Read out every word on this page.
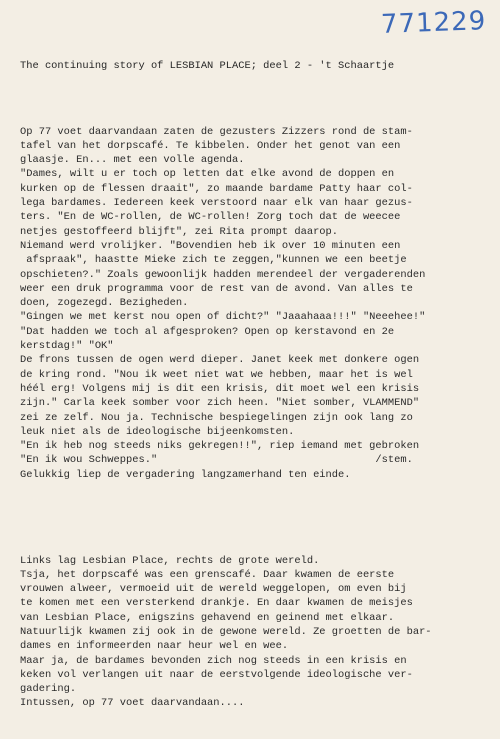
771229
The continuing story of LESBIAN PLACE; deel 2 - 't Schaartje

Op 77 voet daarvandaan zaten de gezusters Zizzers rond de stam-
tafel van het dorpscafé. Te kibbelen. Onder het genot van een
glaasje. En... met een volle agenda.
"Dames, wilt u er toch op letten dat elke avond de doppen en
kurken op de flessen draait", zo maande bardame Patty haar col-
lega bardames. Iedereen keek verstoord naar elk van haar gezus-
ters. "En de WC-rollen, de WC-rollen! Zorg toch dat de weecee
netjes gestoffeerd blijft", zei Rita prompt daarop.
Niemand werd vrolijker. "Bovendien heb ik over 10 minuten een
afspraak", haastte Mieke zich te zeggen,"kunnen we een beetje
opschieten?." Zoals gewoonlijk hadden merendeel der vergaderenden
weer een druk programma voor de rest van de avond. Van alles te
doen, zogezegd. Bezigheden.
"Gingen we met kerst nou open of dicht?" "Jaaahaaa!!!" "Neeehee!"
"Dat hadden we toch al afgesproken? Open op kerstavond en 2e
kerstdag!" "OK"
De frons tussen de ogen werd dieper. Janet keek met donkere ogen
de kring rond. "Nou ik weet niet wat we hebben, maar het is wel
héél erg! Volgens mij is dit een krisis, dit moet wel een krisis
zijn." Carla keek somber voor zich heen. "Niet somber, VLAMMEND"
zei ze zelf. Nou ja. Technische bespiegelingen zijn ook lang zo
leuk niet als de ideologische bijeenkomsten.
"En ik heb nog steeds niks gekregen!!", riep iemand met gebroken
"En ik wou Schweppes."                                   /stem.
Gelukkig liep de vergadering langzamerhand ten einde.

Links lag Lesbian Place, rechts de grote wereld.
Tsja, het dorpscafé was een grenscafé. Daar kwamen de eerste
vrouwen alweer, vermoeid uit de wereld weggelopen, om even bij
te komen met een versterkend drankje. En daar kwamen de meisjes
van Lesbian Place, enigszins gehavend en geinend met elkaar.
Natuurlijk kwamen zij ook in de gewone wereld. Ze groetten de bar-
dames en informeerden naar heur wel en wee.
Maar ja, de bardames bevonden zich nog steeds in een krisis en
keken vol verlangen uit naar de eerstvolgende ideologische ver-
gadering.
Intussen, op 77 voet daarvandaan....
